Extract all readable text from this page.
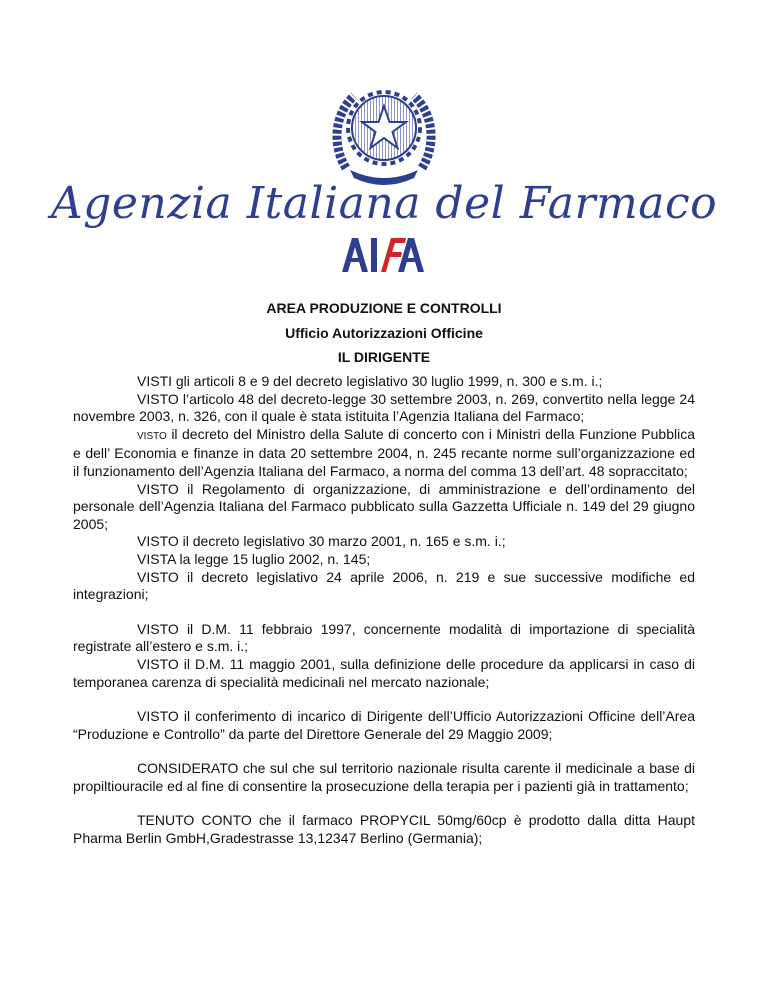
Agenzia Italiana del Farmaco
AREA PRODUZIONE E CONTROLLI
Ufficio Autorizzazioni Officine
IL DIRIGENTE

VISTI gli articoli 8 e 9 del decreto legislativo 30 luglio 1999, n. 300 e s.m. i.;

VISTO l’articolo 48 del decreto-legge 30 settembre 2003, n. 269, convertito nella legge 24 novembre 2003, n. 326, con il quale è stata istituita l’Agenzia Italiana del Farmaco;

VISTO il decreto del Ministro della Salute di concerto con i Ministri della Funzione Pubblica e dell’ Economia e finanze in data 20 settembre 2004, n. 245 recante norme sull’organizzazione ed il funzionamento dell’Agenzia Italiana del Farmaco, a norma del comma 13 dell’art. 48 sopraccitato;

VISTO il Regolamento di organizzazione, di amministrazione e dell’ordinamento del personale dell’Agenzia Italiana del Farmaco pubblicato sulla Gazzetta Ufficiale n. 149 del 29 giugno 2005;

VISTO il decreto legislativo 30 marzo 2001, n. 165 e s.m. i.;

VISTA la legge 15 luglio 2002, n. 145;

VISTO il decreto legislativo 24 aprile 2006, n. 219 e sue successive modifiche ed integrazioni;

VISTO il D.M. 11 febbraio 1997, concernente modalità di importazione di specialità registrate all’estero e s.m. i.;

VISTO il D.M. 11 maggio 2001, sulla definizione delle procedure da applicarsi in caso di temporanea carenza di specialità medicinali nel mercato nazionale;

VISTO il conferimento di incarico di Dirigente dell’Ufficio Autorizzazioni Officine dell’Area “Produzione e Controllo” da parte del Direttore Generale del 29 Maggio 2009;

CONSIDERATO che sul che sul territorio nazionale risulta carente il medicinale a base di propiltiouracile ed al fine di consentire la prosecuzione della terapia per i pazienti già in trattamento;

TENUTO CONTO che il farmaco PROPYCIL 50mg/60cp è prodotto dalla ditta Haupt Pharma Berlin GmbH,Gradestrasse 13,12347 Berlino (Germania);
